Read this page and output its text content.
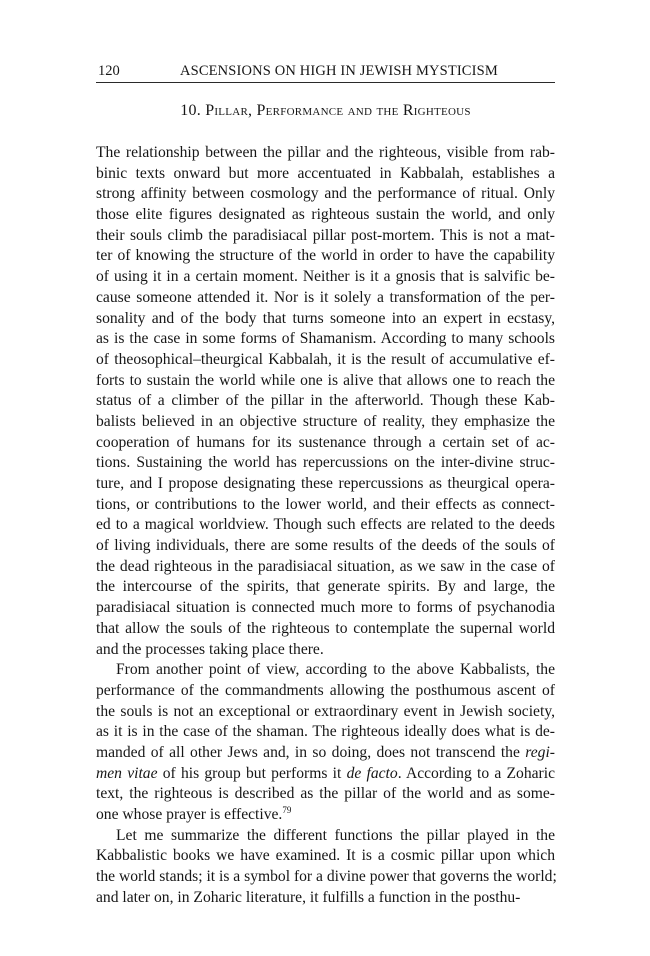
120	ASCENSIONS ON HIGH IN JEWISH MYSTICISM
10. Pillar, Performance and the Righteous
The relationship between the pillar and the righteous, visible from rab-
binic texts onward but more accentuated in Kabbalah, establishes a
strong affinity between cosmology and the performance of ritual. Only
those elite figures designated as righteous sustain the world, and only
their souls climb the paradisiacal pillar post-mortem. This is not a mat-
ter of knowing the structure of the world in order to have the capability
of using it in a certain moment. Neither is it a gnosis that is salvific be-
cause someone attended it. Nor is it solely a transformation of the per-
sonality and of the body that turns someone into an expert in ecstasy,
as is the case in some forms of Shamanism. According to many schools
of theosophical–theurgical Kabbalah, it is the result of accumulative ef-
forts to sustain the world while one is alive that allows one to reach the
status of a climber of the pillar in the afterworld. Though these Kab-
balists believed in an objective structure of reality, they emphasize the
cooperation of humans for its sustenance through a certain set of ac-
tions. Sustaining the world has repercussions on the inter-divine struc-
ture, and I propose designating these repercussions as theurgical opera-
tions, or contributions to the lower world, and their effects as connect-
ed to a magical worldview. Though such effects are related to the deeds
of living individuals, there are some results of the deeds of the souls of
the dead righteous in the paradisiacal situation, as we saw in the case of
the intercourse of the spirits, that generate spirits. By and large, the
paradisiacal situation is connected much more to forms of psychanodia
that allow the souls of the righteous to contemplate the supernal world
and the processes taking place there.
From another point of view, according to the above Kabbalists, the
performance of the commandments allowing the posthumous ascent of
the souls is not an exceptional or extraordinary event in Jewish society,
as it is in the case of the shaman. The righteous ideally does what is de-
manded of all other Jews and, in so doing, does not transcend the regi-
men vitae of his group but performs it de facto. According to a Zoharic
text, the righteous is described as the pillar of the world and as some-
one whose prayer is effective.$^{79}$
Let me summarize the different functions the pillar played in the
Kabbalistic books we have examined. It is a cosmic pillar upon which
the world stands; it is a symbol for a divine power that governs the world;
and later on, in Zoharic literature, it fulfills a function in the posthu-
